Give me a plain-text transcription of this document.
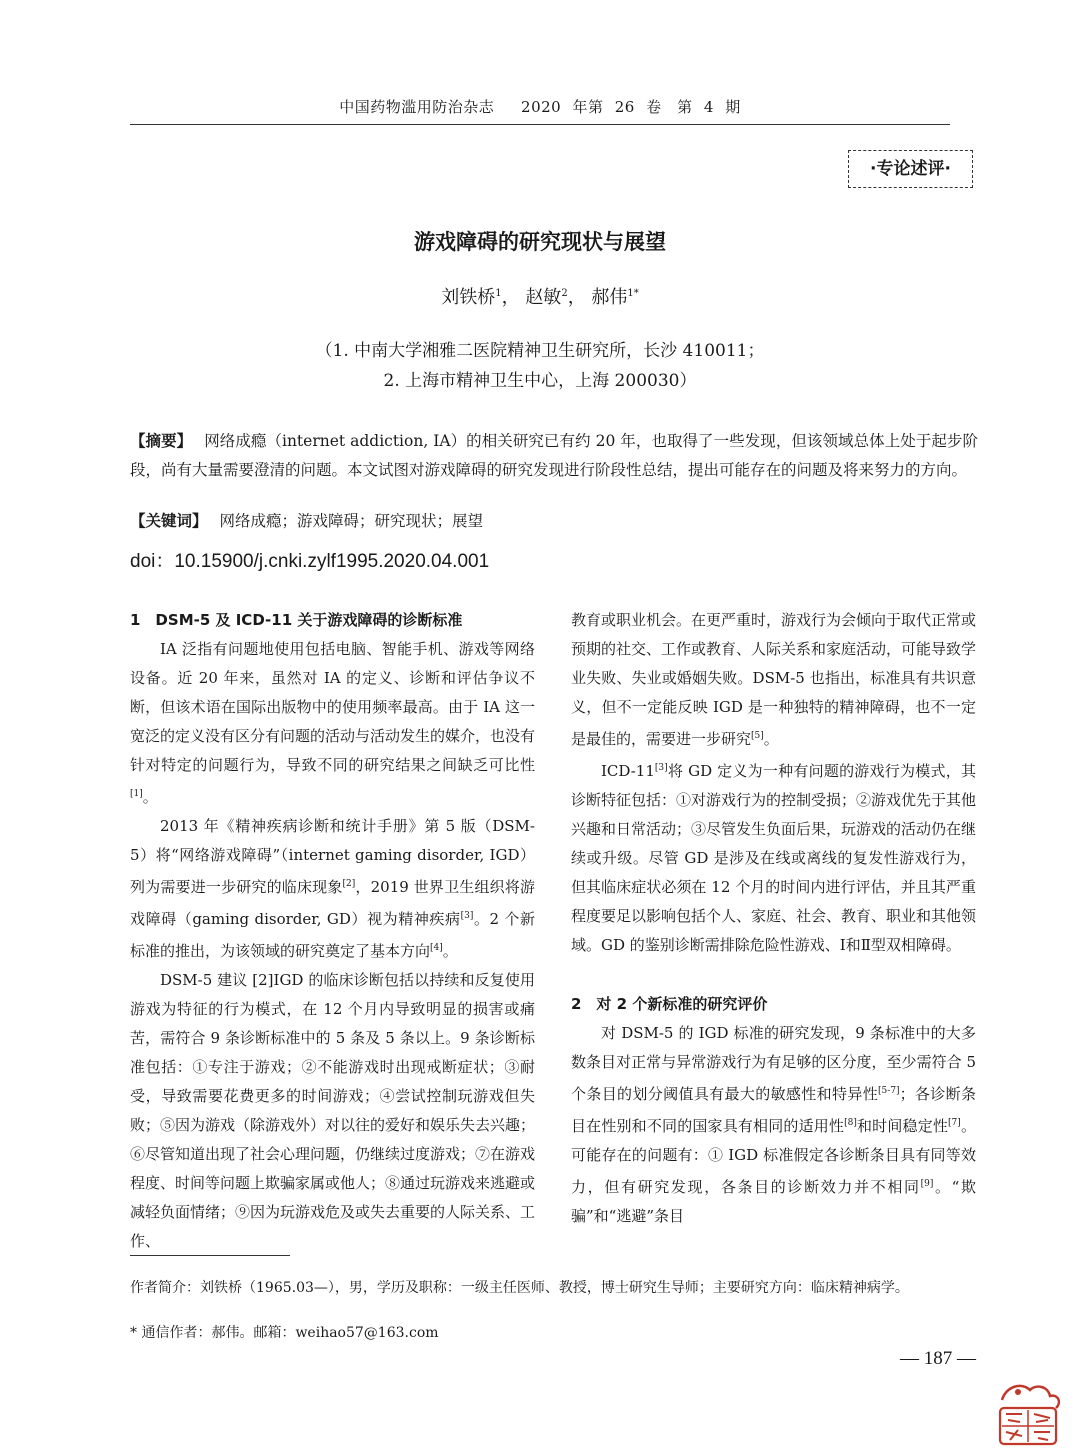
中国药物滥用防治杂志　 2020 年第 26 卷　第 4 期
·专论述评·
游戏障碍的研究现状与展望
刘铁桥$^1$， 赵敏$^2$， 郝伟$^{1*}$
（1. 中南大学湘雅二医院精神卫生研究所，长沙 410011；
2. 上海市精神卫生中心，上海 200030）
【摘要】 网络成瘾（internet addiction, IA）的相关研究已有约 20 年，也取得了一些发现，但该领域总体上处于起步阶段，尚有大量需要澄清的问题。本文试图对游戏障碍的研究发现进行阶段性总结，提出可能存在的问题及将来努力的方向。
【关键词】 网络成瘾；游戏障碍；研究现状；展望
doi：10.15900/j.cnki.zylf1995.2020.04.001

1　DSM-5 及 ICD-11 关于游戏障碍的诊断标准

IA 泛指有问题地使用包括电脑、智能手机、游戏等网络设备。近 20 年来，虽然对 IA 的定义、诊断和评估争议不断，但该术语在国际出版物中的使用频率最高。由于 IA 这一宽泛的定义没有区分有问题的活动与活动发生的媒介，也没有针对特定的问题行为，导致不同的研究结果之间缺乏可比性[1]。

2013 年《精神疾病诊断和统计手册》第 5 版（DSM-5）将“网络游戏障碍”（internet gaming disorder, IGD）列为需要进一步研究的临床现象[2]，2019 世界卫生组织将游戏障碍（gaming disorder, GD）视为精神疾病[3]。2 个新标准的推出，为该领域的研究奠定了基本方向[4]。

DSM-5 建议 [2]IGD 的临床诊断包括以持续和反复使用游戏为特征的行为模式，在 12 个月内导致明显的损害或痛苦，需符合 9 条诊断标准中的 5 条及 5 条以上。9 条诊断标准包括：①专注于游戏；②不能游戏时出现戒断症状；③耐受，导致需要花费更多的时间游戏；④尝试控制玩游戏但失败；⑤因为游戏（除游戏外）对以往的爱好和娱乐失去兴趣；⑥尽管知道出现了社会心理问题，仍继续过度游戏；⑦在游戏程度、时间等问题上欺骗家属或他人；⑧通过玩游戏来逃避或减轻负面情绪；⑨因为玩游戏危及或失去重要的人际关系、工作、

教育或职业机会。在更严重时，游戏行为会倾向于取代正常或预期的社交、工作或教育、人际关系和家庭活动，可能导致学业失败、失业或婚姻失败。DSM-5 也指出，标准具有共识意义，但不一定能反映 IGD 是一种独特的精神障碍，也不一定是最佳的，需要进一步研究[5]。

ICD-11[3]将 GD 定义为一种有问题的游戏行为模式，其诊断特征包括：①对游戏行为的控制受损；②游戏优先于其他兴趣和日常活动；③尽管发生负面后果，玩游戏的活动仍在继续或升级。尽管 GD 是涉及在线或离线的复发性游戏行为，但其临床症状必须在 12 个月的时间内进行评估，并且其严重程度要足以影响包括个人、家庭、社会、教育、职业和其他领域。GD 的鉴别诊断需排除危险性游戏、Ⅰ和Ⅱ型双相障碍。

2　对 2 个新标准的研究评价

对 DSM-5 的 IGD 标准的研究发现，9 条标准中的大多数条目对正常与异常游戏行为有足够的区分度，至少需符合 5 个条目的划分阈值具有最大的敏感性和特异性[5-7]；各诊断条目在性别和不同的国家具有相同的适用性[8]和时间稳定性[7]。可能存在的问题有：① IGD 标准假定各诊断条目具有同等效力，但有研究发现，各条目的诊断效力并不相同[9]。“欺骗”和“逃避”条目

作者简介：刘铁桥（1965.03—），男，学历及职称：一级主任医师、教授，博士研究生导师；主要研究方向：临床精神病学。
* 通信作者：郝伟。邮箱：weihao57@163.com
— 187 —
